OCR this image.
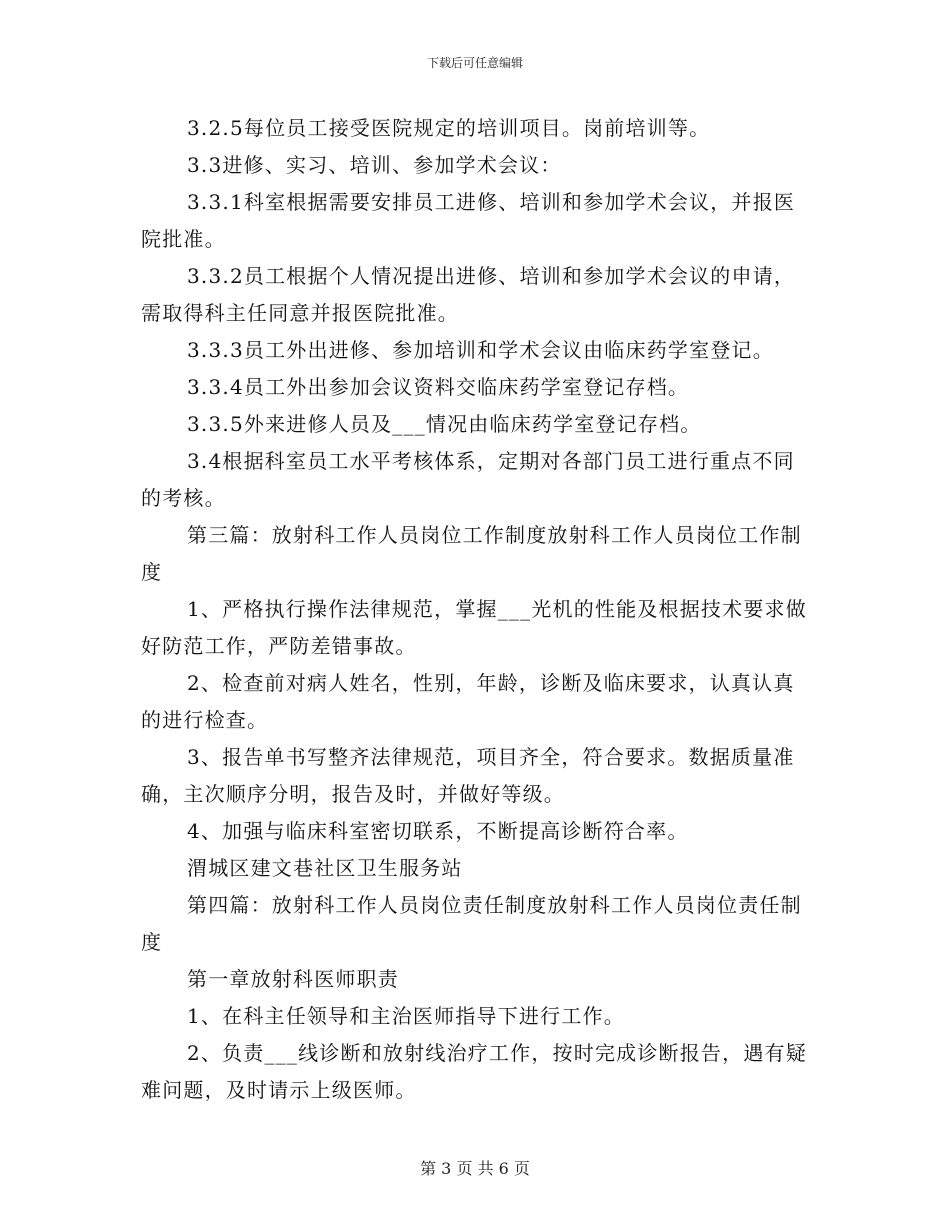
下载后可任意编辑

3.2.5每位员工接受医院规定的培训项目。岗前培训等。

3.3进修、实习、培训、参加学术会议：

3.3.1科室根据需要安排员工进修、培训和参加学术会议，并报医院批准。

3.3.2员工根据个人情况提出进修、培训和参加学术会议的申请，需取得科主任同意并报医院批准。

3.3.3员工外出进修、参加培训和学术会议由临床药学室登记。

3.3.4员工外出参加会议资料交临床药学室登记存档。

3.3.5外来进修人员及___情况由临床药学室登记存档。

3.4根据科室员工水平考核体系，定期对各部门员工进行重点不同的考核。

第三篇：放射科工作人员岗位工作制度放射科工作人员岗位工作制度

1、严格执行操作法律规范，掌握___光机的性能及根据技术要求做好防范工作，严防差错事故。

2、检查前对病人姓名，性别，年龄，诊断及临床要求，认真认真的进行检查。

3、报告单书写整齐法律规范，项目齐全，符合要求。数据质量准确，主次顺序分明，报告及时，并做好等级。

4、加强与临床科室密切联系，不断提高诊断符合率。

渭城区建文巷社区卫生服务站

第四篇：放射科工作人员岗位责任制度放射科工作人员岗位责任制度

第一章放射科医师职责

1、在科主任领导和主治医师指导下进行工作。

2、负责___线诊断和放射线治疗工作，按时完成诊断报告，遇有疑难问题，及时请示上级医师。

第 3 页 共 6 页
